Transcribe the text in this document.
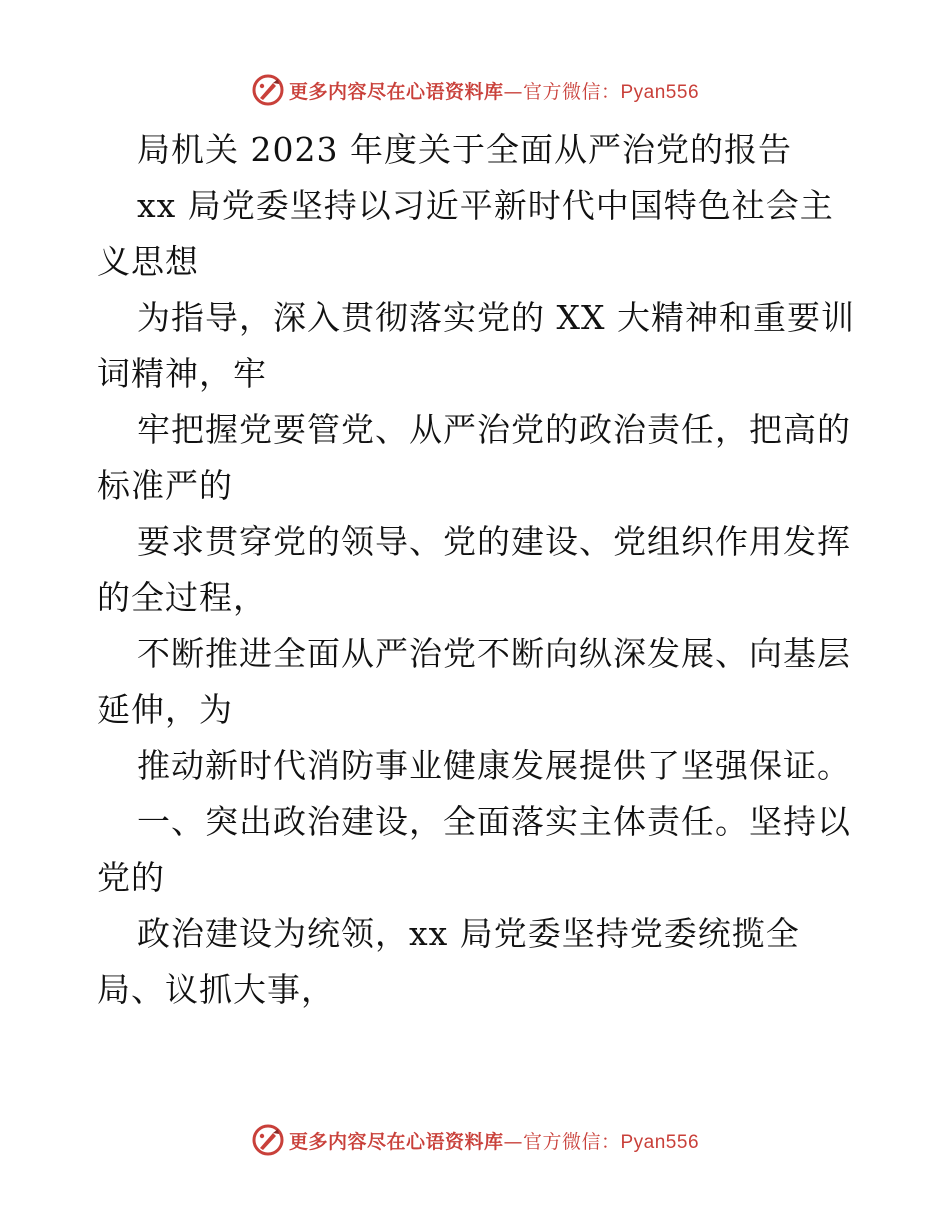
更多内容尽在心语资料库—官方微信：Pyan556
局机关 2023 年度关于全面从严治党的报告
xx 局党委坚持以习近平新时代中国特色社会主
义思想
为指导，深入贯彻落实党的 XX 大精神和重要训
词精神，牢
牢把握党要管党、从严治党的政治责任，把高的
标准严的
要求贯穿党的领导、党的建设、党组织作用发挥
的全过程，
不断推进全面从严治党不断向纵深发展、向基层
延伸，为
推动新时代消防事业健康发展提供了坚强保证。
一、突出政治建设，全面落实主体责任。坚持以
党的
政治建设为统领，xx 局党委坚持党委统揽全
局、议抓大事，
更多内容尽在心语资料库—官方微信：Pyan556
